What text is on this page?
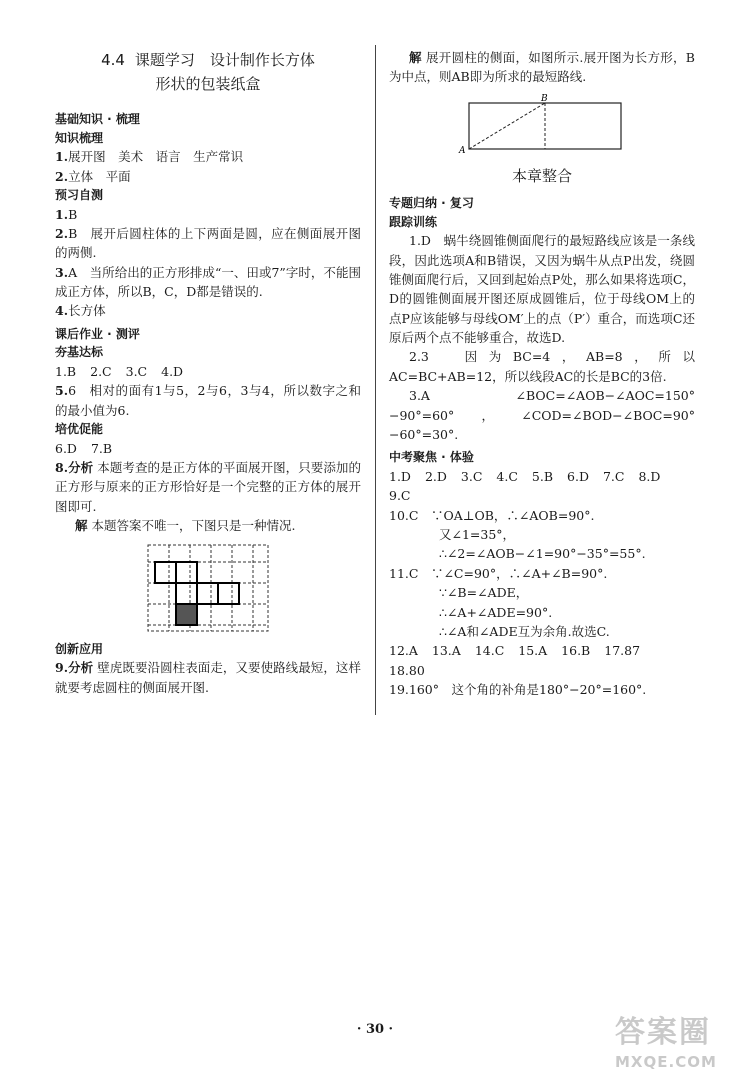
4.4 课题学习　设计制作长方体
形状的包装纸盒
基础知识 · 梳理
知识梳理
1.展开图　美术　语言　生产常识
2.立体　平面
预习自测
1.B
2.B　展开后圆柱体的上下两面是圆，应在侧面展开图的两侧.
3.A　当所给出的正方形排成“一、田或7”字时，不能围成正方体，所以B，C，D都是错误的.
4.长方体
课后作业 · 测评
夯基达标
1.B 2.C 3.C 4.D
5.6　相对的面有1与5，2与6，3与4，所以数字之和的最小值为6.
培优促能
6.D 7.B
8.分析 本题考查的是正方体的平面展开图，只要添加的正方形与原来的正方形恰好是一个完整的正方体的展开图即可.
解 本题答案不唯一，下图只是一种情况.
创新应用
9.分析 壁虎既要沿圆柱表面走，又要使路线最短，这样就要考虑圆柱的侧面展开图.
解 展开圆柱的侧面，如图所示.展开图为长方形，B为中点，则AB即为所求的最短路线.
B
A
本章整合
专题归纳 · 复习
跟踪训练
1.D　蜗牛绕圆锥侧面爬行的最短路线应该是一条线段，因此选项A和B错误，又因为蜗牛从点P出发，绕圆锥侧面爬行后，又回到起始点P处，那么如果将选项C，D的圆锥侧面展开图还原成圆锥后，位于母线OM上的点P应该能够与母线OM′上的点（P′）重合，而选项C还原后两个点不能够重合，故选D.
2.3　因为BC=4，AB=8，所以AC=BC+AB=12，所以线段AC的长是BC的3倍.
3.A　∠BOC=∠AOB−∠AOC=150°−90°=60°，∠COD=∠BOD−∠BOC=90°−60°=30°.
中考聚焦 · 体验
1.D 2.D 3.C 4.C 5.B 6.D 7.C 8.D
9.C
10.C　∵OA⊥OB，∴∠AOB=90°.
又∠1=35°，
∴∠2=∠AOB−∠1=90°−35°=55°.
11.C　∵∠C=90°，∴∠A+∠B=90°.
∵∠B=∠ADE，
∴∠A+∠ADE=90°.
∴∠A和∠ADE互为余角.故选C.
12.A 13.A 14.C 15.A 16.B 17.87
18.80
19.160°　这个角的补角是180°−20°=160°.
· 30 ·	答案圈
MXQE.COM
